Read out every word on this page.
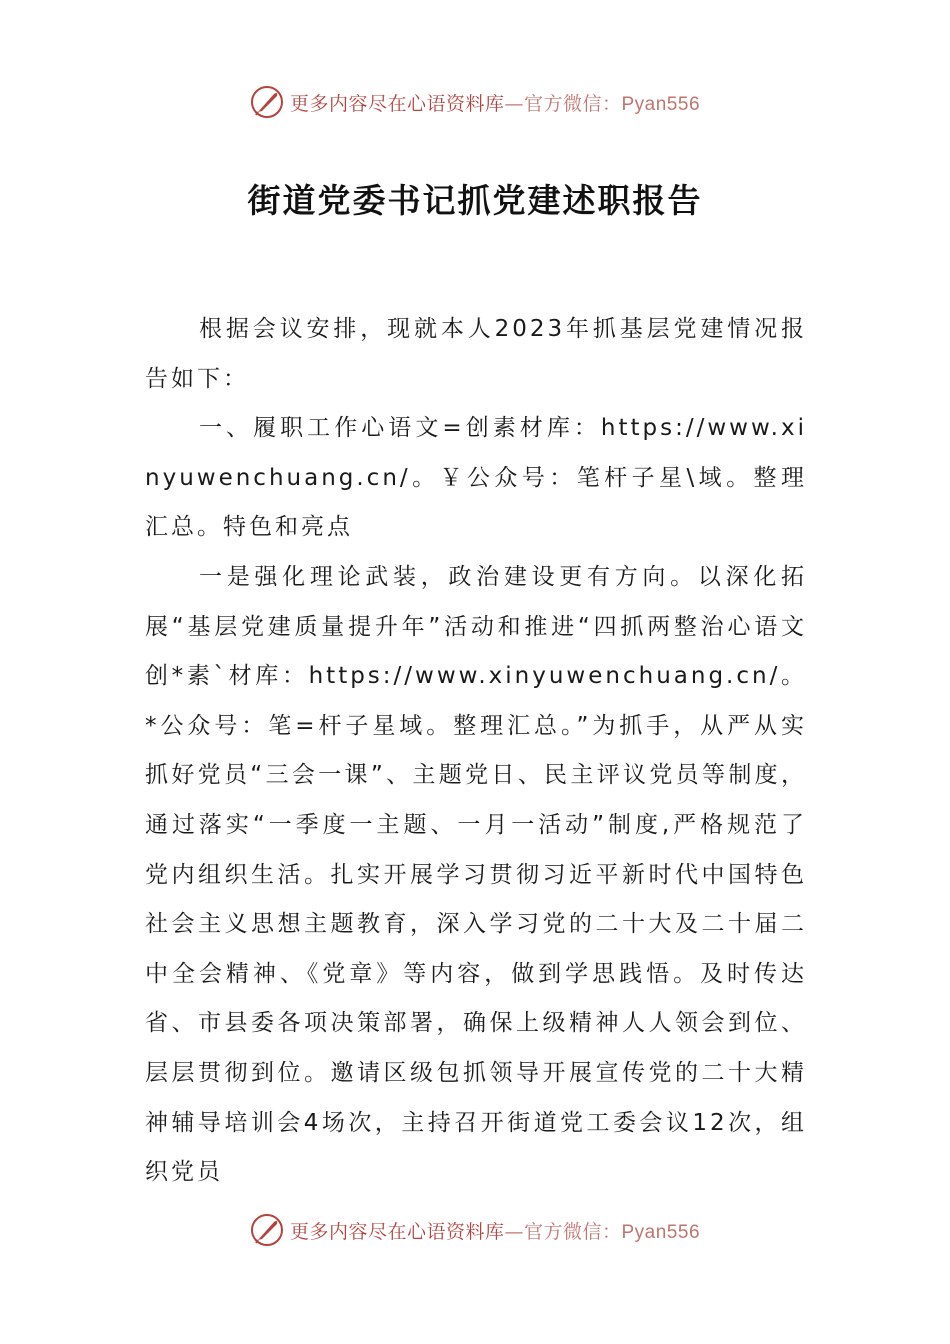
更多内容尽在心语资料库—官方微信：Pyan556
街道党委书记抓党建述职报告

根据会议安排，现就本人2023年抓基层党建情况报告如下：

一、履职工作心语文=创素材库：https://www.xinyuwenchuang.cn/。￥公众号：笔杆子星\域。整理汇总。特色和亮点

一是强化理论武装，政治建设更有方向。以深化拓展“基层党建质量提升年”活动和推进“四抓两整治心语文创*素`材库：https://www.xinyuwenchuang.cn/。*公众号：笔=杆子星域。整理汇总。”为抓手，从严从实抓好党员“三会一课”、主题党日、民主评议党员等制度，通过落实“一季度一主题、一月一活动”制度,严格规范了党内组织生活。扎实开展学习贯彻习近平新时代中国特色社会主义思想主题教育，深入学习党的二十大及二十届二中全会精神、《党章》等内容，做到学思践悟。及时传达省、市县委各项决策部署，确保上级精神人人领会到位、层层贯彻到位。邀请区级包抓领导开展宣传党的二十大精神辅导培训会4场次，主持召开街道党工委会议12次，组织党员

更多内容尽在心语资料库—官方微信：Pyan556
